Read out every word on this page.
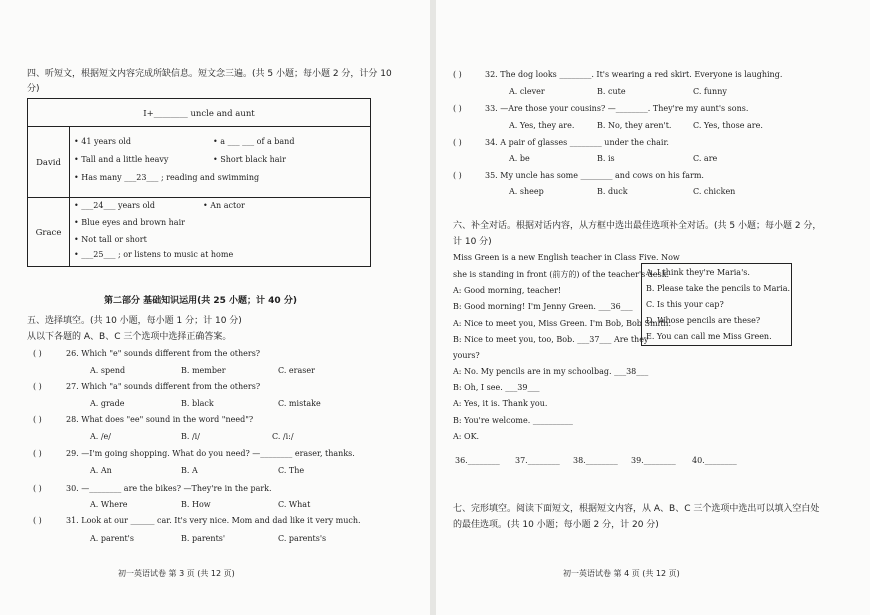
四、听短文，根据短文内容完成所缺信息。短文念三遍。(共 5 小题；每小题 2 分，计分 10
分)
I+________ uncle and aunt
David
• 41 years old	• a ___ ___ of a band
• Tall and a little heavy	• Short black hair
• Has many ___23___ ; reading and swimming
Grace
• ___24___ years old	• An actor
• Blue eyes and brown hair
• Not tall or short
• ___25___ ; or listens to music at home
第二部分 基础知识运用(共 25 小题；计 40 分)
五、选择填空。(共 10 小题，每小题 1 分；计 10 分)
从以下各题的 A、B、C 三个选项中选择正确答案。
( )	26. Which "e" sounds different from the others?
A. spend	B. member	C. eraser
( )	27. Which "a" sounds different from the others?
A. grade	B. black	C. mistake
( )	28. What does "ee" sound in the word "need"?
A. /e/	B. /i/	C. /i:/
( )	29. —I'm going shopping. What do you need? —________ eraser, thanks.
A. An	B. A	C. The
( )	30. —________ are the bikes? —They're in the park.
A. Where	B. How	C. What
( )	31. Look at our ______ car. It's very nice. Mom and dad like it very much.
A. parent's	B. parents'	C. parents's
初一英语试卷 第 3 页 (共 12 页)
( )	32. The dog looks ________. It's wearing a red skirt. Everyone is laughing.
A. clever	B. cute	C. funny
( )	33. —Are those your cousins? —________. They're my aunt's sons.
A. Yes, they are.	B. No, they aren't.	C. Yes, those are.
( )	34. A pair of glasses ________ under the chair.
A. be	B. is	C. are
( )	35. My uncle has some ________ and cows on his farm.
A. sheep	B. duck	C. chicken
六、补全对话。根据对话内容，从方框中选出最佳选项补全对话。(共 5 小题；每小题 2 分，
计 10 分)
Miss Green is a new English teacher in Class Five. Now
she is standing in front (前方的) of the teacher's desk.
A: Good morning, teacher!
B: Good morning! I'm Jenny Green. ___36___
A: Nice to meet you, Miss Green. I'm Bob, Bob Smith.
B: Nice to meet you, too, Bob. ___37___ Are they
yours?
A: No. My pencils are in my schoolbag. ___38___
B: Oh, I see. ___39___
A: Yes, it is. Thank you.
B: You're welcome. __________
A: OK.
A. I think they're Maria's.
B. Please take the pencils to Maria.
C. Is this your cap?
D. Whose pencils are these?
E. You can call me Miss Green.
36.________ 37.________ 38.________ 39.________ 40.________
七、完形填空。阅读下面短文，根据短文内容，从 A、B、C 三个选项中选出可以填入空白处
的最佳选项。(共 10 小题；每小题 2 分，计 20 分)
初一英语试卷 第 4 页 (共 12 页)
